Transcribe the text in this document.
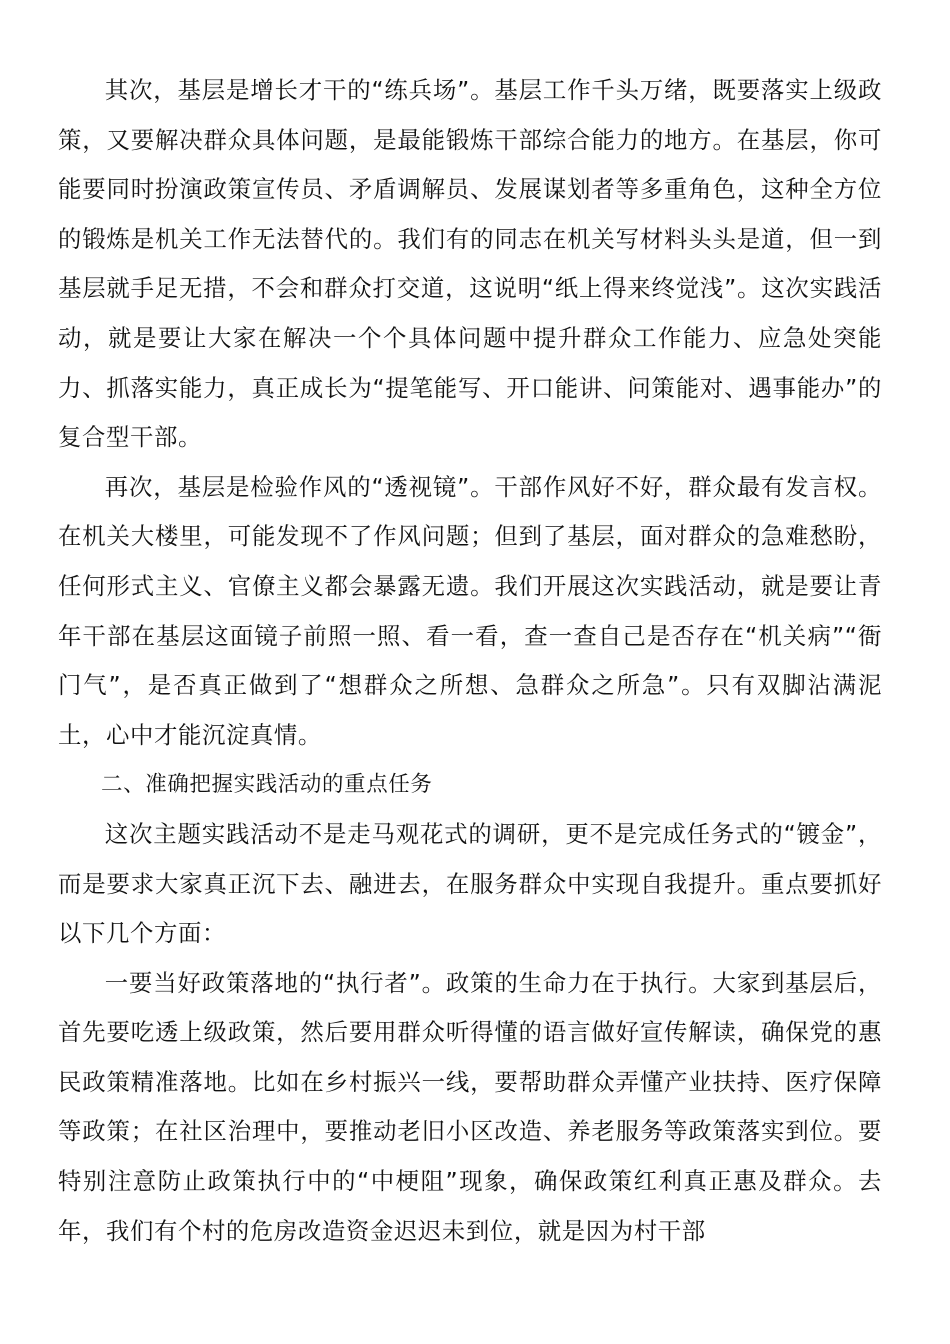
其次，基层是增长才干的“练兵场”。基层工作千头万绪，既要落实上级政策，又要解决群众具体问题，是最能锻炼干部综合能力的地方。在基层，你可能要同时扮演政策宣传员、矛盾调解员、发展谋划者等多重角色，这种全方位的锻炼是机关工作无法替代的。我们有的同志在机关写材料头头是道，但一到基层就手足无措，不会和群众打交道，这说明“纸上得来终觉浅”。这次实践活动，就是要让大家在解决一个个具体问题中提升群众工作能力、应急处突能力、抓落实能力，真正成长为“提笔能写、开口能讲、问策能对、遇事能办”的复合型干部。

再次，基层是检验作风的“透视镜”。干部作风好不好，群众最有发言权。在机关大楼里，可能发现不了作风问题；但到了基层，面对群众的急难愁盼，任何形式主义、官僚主义都会暴露无遗。我们开展这次实践活动，就是要让青年干部在基层这面镜子前照一照、看一看，查一查自己是否存在“机关病”“衙门气”，是否真正做到了“想群众之所想、急群众之所急”。只有双脚沾满泥土，心中才能沉淀真情。

二、准确把握实践活动的重点任务

这次主题实践活动不是走马观花式的调研，更不是完成任务式的“镀金”，而是要求大家真正沉下去、融进去，在服务群众中实现自我提升。重点要抓好以下几个方面：

一要当好政策落地的“执行者”。政策的生命力在于执行。大家到基层后，首先要吃透上级政策，然后要用群众听得懂的语言做好宣传解读，确保党的惠民政策精准落地。比如在乡村振兴一线，要帮助群众弄懂产业扶持、医疗保障等政策；在社区治理中，要推动老旧小区改造、养老服务等政策落实到位。要特别注意防止政策执行中的“中梗阻”现象，确保政策红利真正惠及群众。去年，我们有个村的危房改造资金迟迟未到位，就是因为村干部
